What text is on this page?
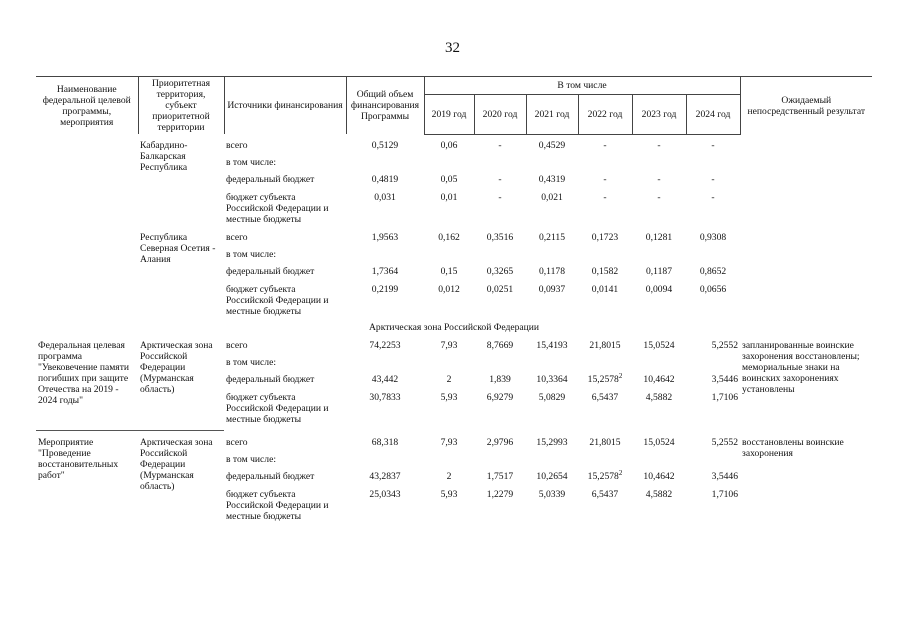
32
Наименование федеральной целевой программы, мероприятия	Приоритетная территория, субъект приоритетной территории	Источники финансирования	Общий объем финансирования Программы	В том числе						Ожидаемый непосредственный результат
				2019 год	2020 год	2021 год	2022 год	2023 год	2024 год	

	Кабардино-Балкарская Республика	всего	0,5129	0,06	-	0,4529	-	-	-	
		в том числе:								
		федеральный бюджет	0,4819	0,05	-	0,4319	-	-	-	
		бюджет субъекта Российской Федерации и местные бюджеты	0,031	0,01	-	0,021	-	-	-	
	Республика Северная Осетия - Алания	всего	1,9563	0,162	0,3516	0,2115	0,1723	0,1281	0,9308	
		в том числе:								
		федеральный бюджет	1,7364	0,15	0,3265	0,1178	0,1582	0,1187	0,8652	
		бюджет субъекта Российской Федерации и местные бюджеты	0,2199	0,012	0,0251	0,0937	0,0141	0,0094	0,0656	
Арктическая зона Российской Федерации										
Федеральная целевая программа "Увековечение памяти погибших при защите Отечества на 2019 - 2024 годы"	Арктическая зона Российской Федерации (Мурманская область)	всего	74,2253	7,93	8,7669	15,4193	21,8015	15,0524	5,2552	запланированные воинские захоронения восстановлены; мемориальные знаки на воинских захоронениях установлены
		в том числе:								
		федеральный бюджет	43,442	2	1,839	10,3364	15,2578$^2$	10,4642	3,5446	
		бюджет субъекта Российской Федерации и местные бюджеты	30,7833	5,93	6,9279	5,0829	6,5437	4,5882	1,7106	

Мероприятие "Проведение восстановительных работ"	Арктическая зона Российской Федерации (Мурманская область)	всего	68,318	7,93	2,9796	15,2993	21,8015	15,0524	5,2552	восстановлены воинские захоронения
		в том числе:								
		федеральный бюджет	43,2837	2	1,7517	10,2654	15,2578$^2$	10,4642	3,5446	
		бюджет субъекта Российской Федерации и местные бюджеты	25,0343	5,93	1,2279	5,0339	6,5437	4,5882	1,7106	
